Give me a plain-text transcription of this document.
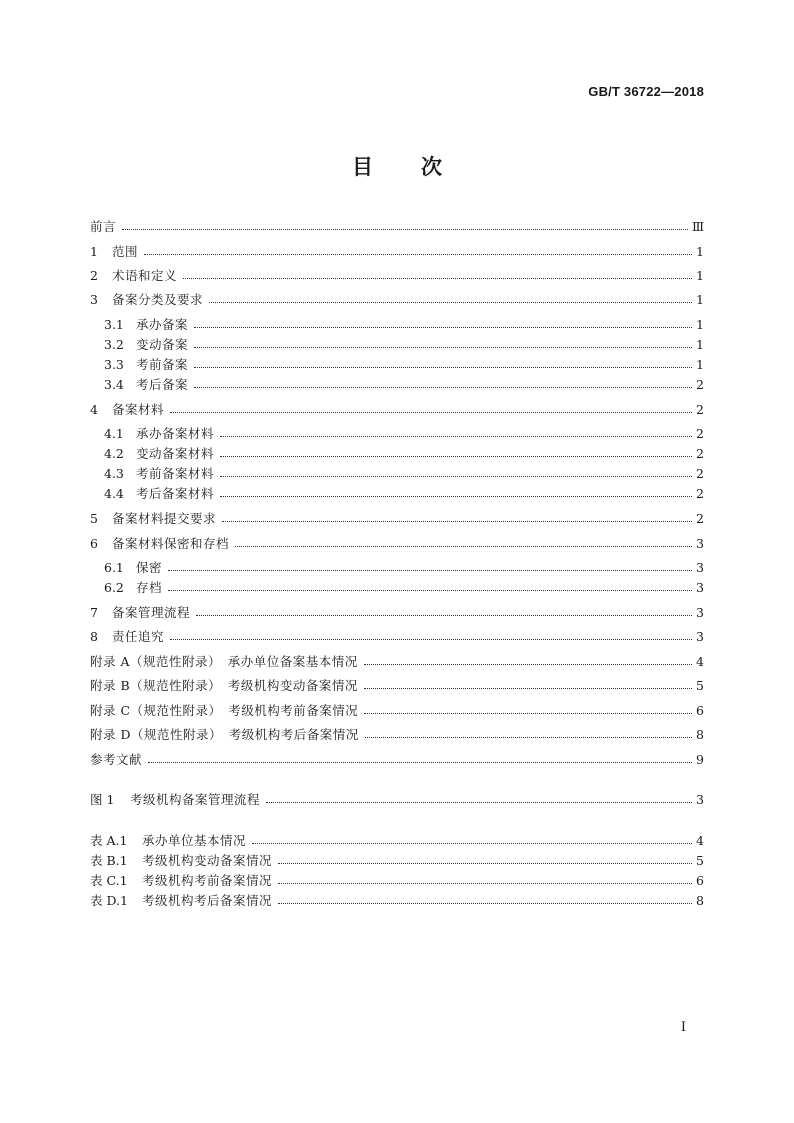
GB/T 36722—2018
目 次
前言	Ⅲ
1	范围	1
2	术语和定义	1
3	备案分类及要求	1
3.1 承办备案	1
3.2 变动备案	1
3.3 考前备案	1
3.4 考后备案	2
4	备案材料	2
4.1 承办备案材料	2
4.2 变动备案材料	2
4.3 考前备案材料	2
4.4 考后备案材料	2
5	备案材料提交要求	2
6	备案材料保密和存档	3
6.1 保密	3
6.2 存档	3
7	备案管理流程	3
8	责任追究	3
附录 A（规范性附录）　承办单位备案基本情况	4
附录 B（规范性附录）　考级机构变动备案情况	5
附录 C（规范性附录）　考级机构考前备案情况	6
附录 D（规范性附录）　考级机构考后备案情况	8
参考文献	9
图 1	考级机构备案管理流程	3
表 A.1	承办单位基本情况	4
表 B.1	考级机构变动备案情况	5
表 C.1	考级机构考前备案情况	6
表 D.1	考级机构考后备案情况	8
I
